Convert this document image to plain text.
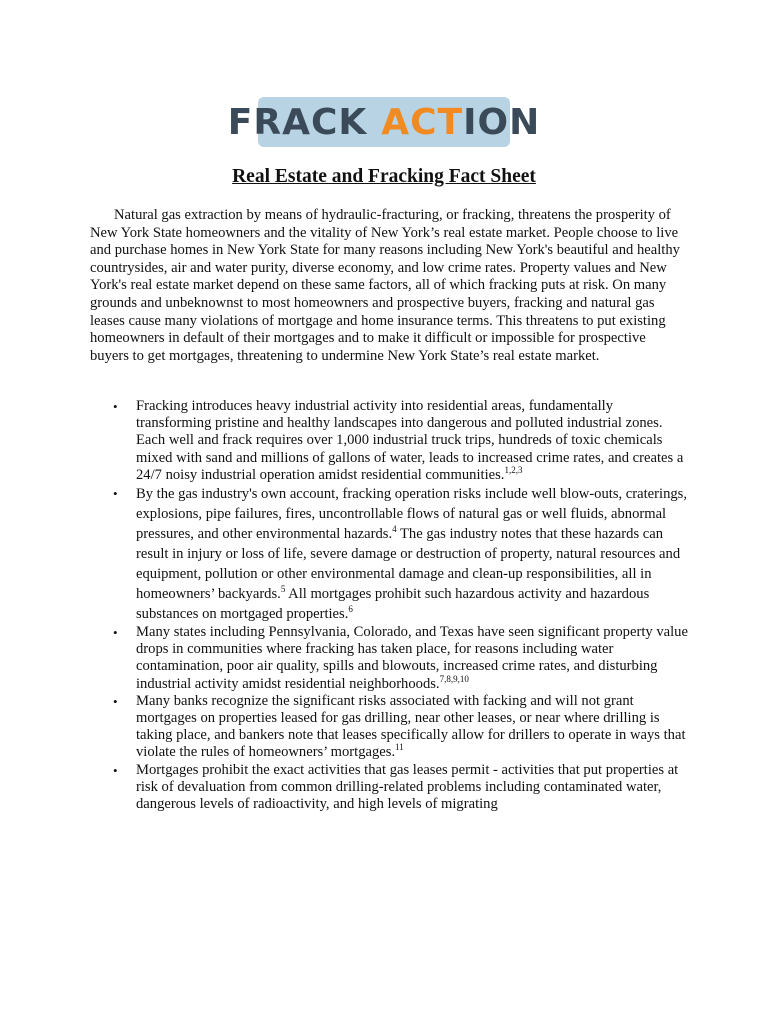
FRACK ACT ION
Real Estate and Fracking Fact Sheet

Natural gas extraction by means of hydraulic-fracturing, or fracking, threatens the prosperity of New York State homeowners and the vitality of New York’s real estate market. People choose to live and purchase homes in New York State for many reasons including New York's beautiful and healthy countrysides, air and water purity, diverse economy, and low crime rates. Property values and New York's real estate market depend on these same factors, all of which fracking puts at risk. On many grounds and unbeknownst to most homeowners and prospective buyers, fracking and natural gas leases cause many violations of mortgage and home insurance terms. This threatens to put existing homeowners in default of their mortgages and to make it difficult or impossible for prospective buyers to get mortgages, threatening to undermine New York State’s real estate market.

• Fracking introduces heavy industrial activity into residential areas, fundamentally transforming pristine and healthy landscapes into dangerous and polluted industrial zones. Each well and frack requires over 1,000 industrial truck trips, hundreds of toxic chemicals mixed with sand and millions of gallons of water, leads to increased crime rates, and creates a 24/7 noisy industrial operation amidst residential communities.$^{1,2,3}$
• By the gas industry's own account, fracking operation risks include well blow-outs, craterings, explosions, pipe failures, fires, uncontrollable flows of natural gas or well fluids, abnormal pressures, and other environmental hazards.$^4$ The gas industry notes that these hazards can result in injury or loss of life, severe damage or destruction of property, natural resources and equipment, pollution or other environmental damage and clean-up responsibilities, all in homeowners’ backyards.$^5$ All mortgages prohibit such hazardous activity and hazardous substances on mortgaged properties.$^6$
• Many states including Pennsylvania, Colorado, and Texas have seen significant property value drops in communities where fracking has taken place, for reasons including water contamination, poor air quality, spills and blowouts, increased crime rates, and disturbing industrial activity amidst residential neighborhoods.$^{7,8,9,10}$
• Many banks recognize the significant risks associated with facking and will not grant mortgages on properties leased for gas drilling, near other leases, or near where drilling is taking place, and bankers note that leases specifically allow for drillers to operate in ways that violate the rules of homeowners’ mortgages.$^{11}$
• Mortgages prohibit the exact activities that gas leases permit - activities that put properties at risk of devaluation from common drilling-related problems including contaminated water, dangerous levels of radioactivity, and high levels of migrating
